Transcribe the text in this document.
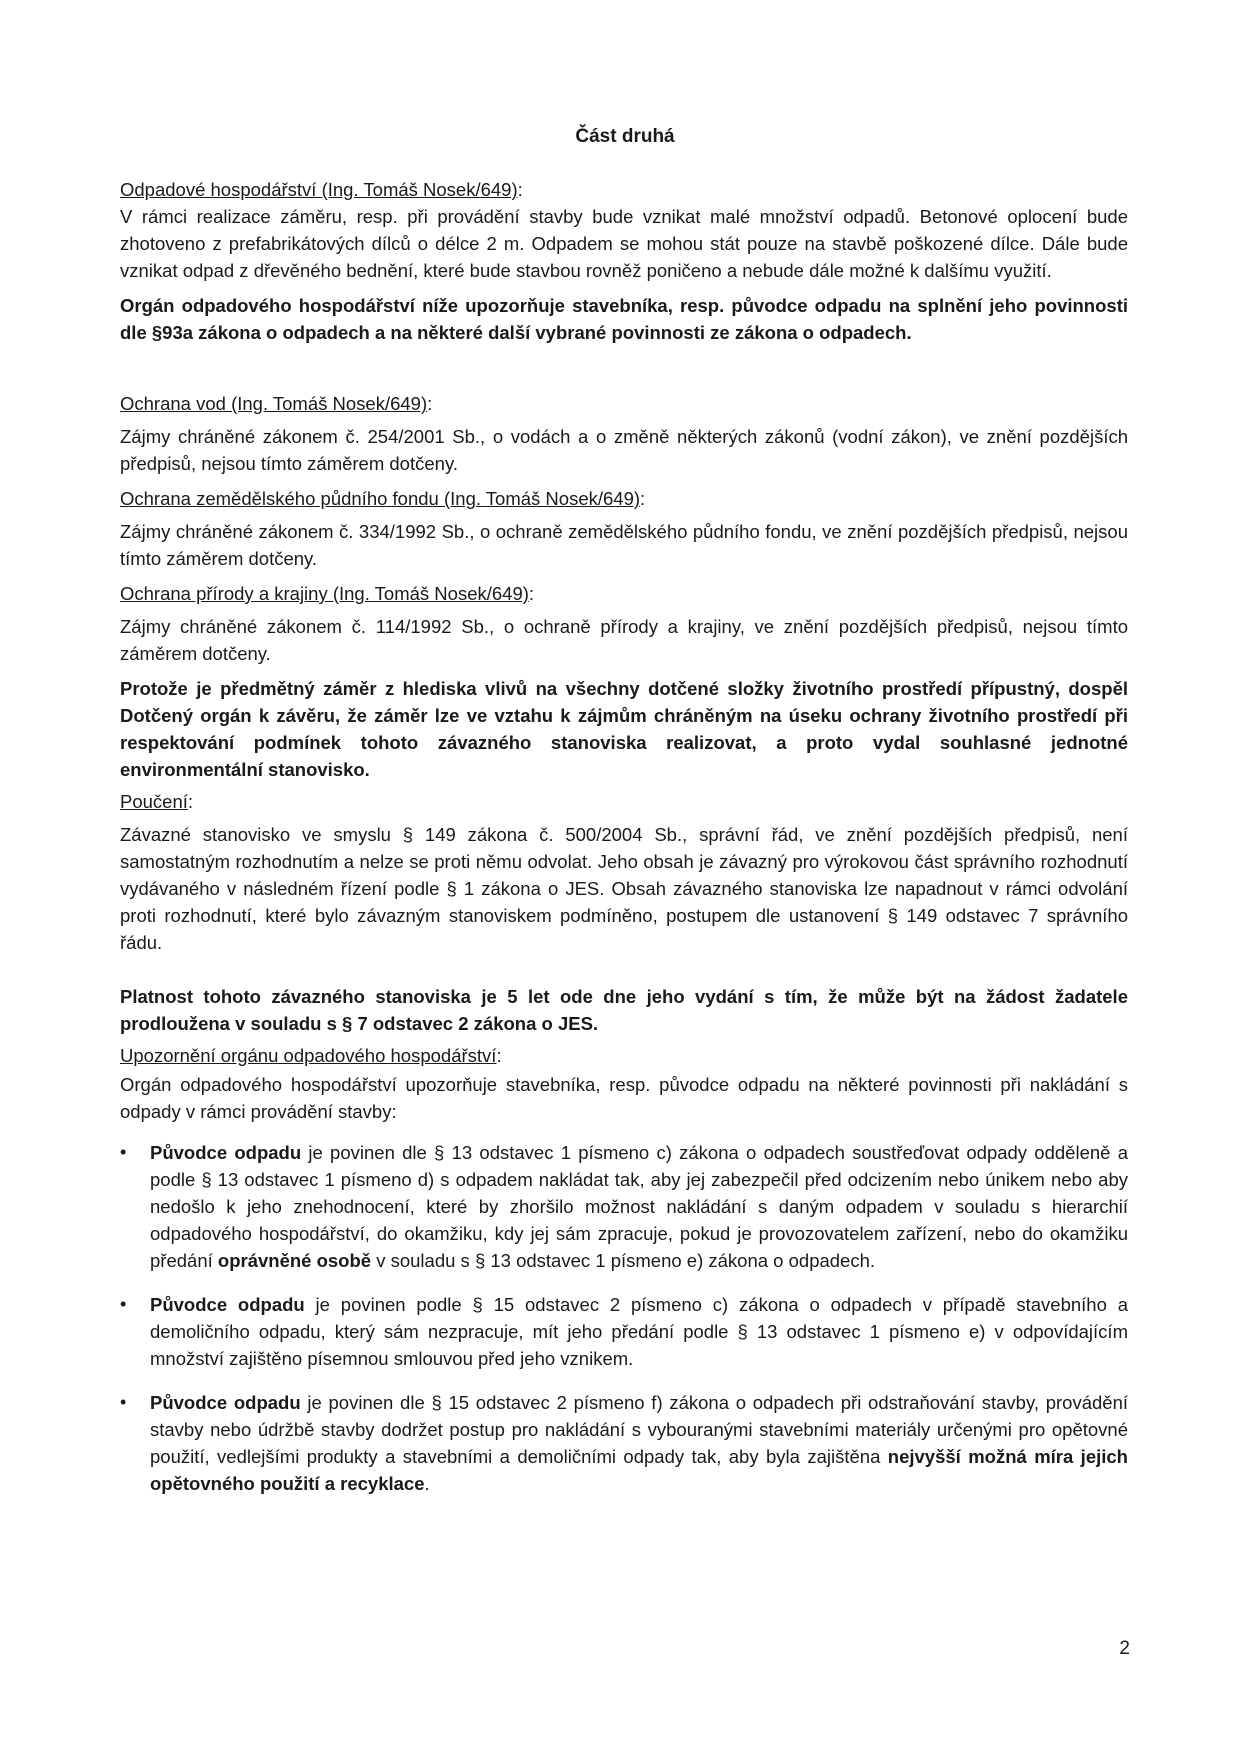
Část druhá
Odpadové hospodářství (Ing. Tomáš Nosek/649):

V rámci realizace záměru, resp. při provádění stavby bude vznikat malé množství odpadů. Betonové oplocení bude zhotoveno z prefabrikátových dílců o délce 2 m. Odpadem se mohou stát pouze na stavbě poškozené dílce. Dále bude vznikat odpad z dřevěného bednění, které bude stavbou rovněž poničeno a nebude dále možné k dalšímu využití.

Orgán odpadového hospodářství níže upozorňuje stavebníka, resp. původce odpadu na splnění jeho povinnosti dle §93a zákona o odpadech a na některé další vybrané povinnosti ze zákona o odpadech.

Ochrana vod (Ing. Tomáš Nosek/649):

Zájmy chráněné zákonem č. 254/2001 Sb., o vodách a o změně některých zákonů (vodní zákon), ve znění pozdějších předpisů, nejsou tímto záměrem dotčeny.

Ochrana zemědělského půdního fondu (Ing. Tomáš Nosek/649):

Zájmy chráněné zákonem č. 334/1992 Sb., o ochraně zemědělského půdního fondu, ve znění pozdějších předpisů, nejsou tímto záměrem dotčeny.

Ochrana přírody a krajiny (Ing. Tomáš Nosek/649):

Zájmy chráněné zákonem č. 114/1992 Sb., o ochraně přírody a krajiny, ve znění pozdějších předpisů, nejsou tímto záměrem dotčeny.

Protože je předmětný záměr z hlediska vlivů na všechny dotčené složky životního prostředí přípustný, dospěl Dotčený orgán k závěru, že záměr lze ve vztahu k zájmům chráněným na úseku ochrany životního prostředí při respektování podmínek tohoto závazného stanoviska realizovat, a proto vydal souhlasné jednotné environmentální stanovisko.

Poučení:

Závazné stanovisko ve smyslu § 149 zákona č. 500/2004 Sb., správní řád, ve znění pozdějších předpisů, není samostatným rozhodnutím a nelze se proti němu odvolat. Jeho obsah je závazný pro výrokovou část správního rozhodnutí vydávaného v následném řízení podle § 1 zákona o JES. Obsah závazného stanoviska lze napadnout v rámci odvolání proti rozhodnutí, které bylo závazným stanoviskem podmíněno, postupem dle ustanovení § 149 odstavec 7 správního řádu.

Platnost tohoto závazného stanoviska je 5 let ode dne jeho vydání s tím, že může být na žádost žadatele prodloužena v souladu s § 7 odstavec 2 zákona o JES.

Upozornění orgánu odpadového hospodářství:

Orgán odpadového hospodářství upozorňuje stavebníka, resp. původce odpadu na některé povinnosti při nakládání s odpady v rámci provádění stavby:

•	Původce odpadu je povinen dle § 13 odstavec 1 písmeno c) zákona o odpadech soustřeďovat odpady odděleně a podle § 13 odstavec 1 písmeno d) s odpadem nakládat tak, aby jej zabezpečil před odcizením nebo únikem nebo aby nedošlo k jeho znehodnocení, které by zhoršilo možnost nakládání s daným odpadem v souladu s hierarchií odpadového hospodářství, do okamžiku, kdy jej sám zpracuje, pokud je provozovatelem zařízení, nebo do okamžiku předání oprávněné osobě v souladu s § 13 odstavec 1 písmeno e) zákona o odpadech.
•	Původce odpadu je povinen podle § 15 odstavec 2 písmeno c) zákona o odpadech v případě stavebního a demoličního odpadu, který sám nezpracuje, mít jeho předání podle § 13 odstavec 1 písmeno e) v odpovídajícím množství zajištěno písemnou smlouvou před jeho vznikem.
•	Původce odpadu je povinen dle § 15 odstavec 2 písmeno f) zákona o odpadech při odstraňování stavby, provádění stavby nebo údržbě stavby dodržet postup pro nakládání s vybouranými stavebními materiály určenými pro opětovné použití, vedlejšími produkty a stavebními a demoličními odpady tak, aby byla zajištěna nejvyšší možná míra jejich opětovného použití a recyklace.
2
